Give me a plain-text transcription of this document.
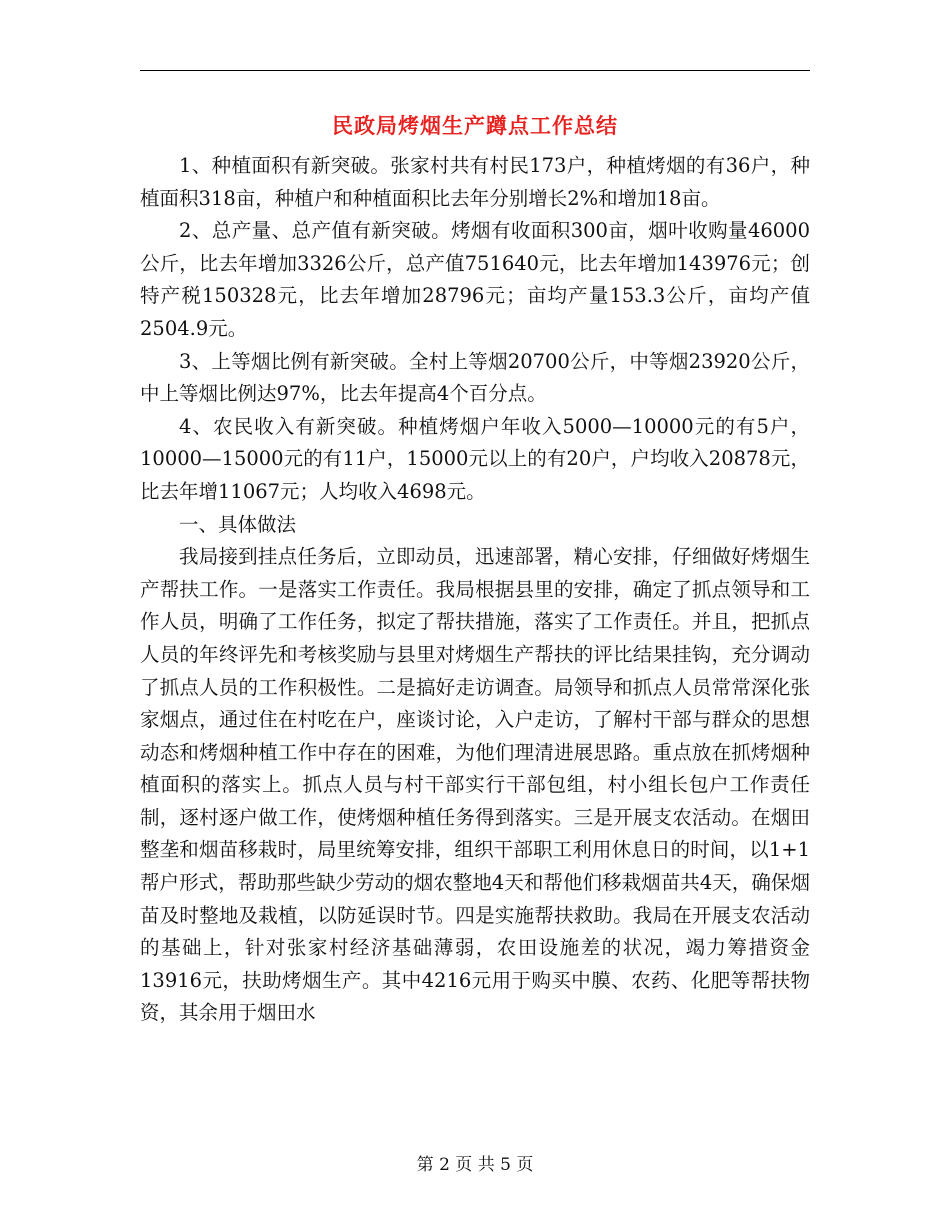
民政局烤烟生产蹲点工作总结

1、种植面积有新突破。张家村共有村民173户，种植烤烟的有36户，种植面积318亩，种植户和种植面积比去年分别增长2%和增加18亩。

2、总产量、总产值有新突破。烤烟有收面积300亩，烟叶收购量46000公斤，比去年增加3326公斤，总产值751640元，比去年增加143976元；创特产税150328元，比去年增加28796元；亩均产量153.3公斤，亩均产值2504.9元。

3、上等烟比例有新突破。全村上等烟20700公斤，中等烟23920公斤，中上等烟比例达97%，比去年提高4个百分点。

4、农民收入有新突破。种植烤烟户年收入5000—10000元的有5户，10000—15000元的有11户，15000元以上的有20户，户均收入20878元，比去年增11067元；人均收入4698元。

一、具体做法

我局接到挂点任务后，立即动员，迅速部署，精心安排，仔细做好烤烟生产帮扶工作。一是落实工作责任。我局根据县里的安排，确定了抓点领导和工作人员，明确了工作任务，拟定了帮扶措施，落实了工作责任。并且，把抓点人员的年终评先和考核奖励与县里对烤烟生产帮扶的评比结果挂钩，充分调动了抓点人员的工作积极性。二是搞好走访调查。局领导和抓点人员常常深化张家烟点，通过住在村吃在户，座谈讨论，入户走访，了解村干部与群众的思想动态和烤烟种植工作中存在的困难，为他们理清进展思路。重点放在抓烤烟种植面积的落实上。抓点人员与村干部实行干部包组，村小组长包户工作责任制，逐村逐户做工作，使烤烟种植任务得到落实。三是开展支农活动。在烟田整垄和烟苗移栽时，局里统筹安排，组织干部职工利用休息日的时间，以1+1帮户形式，帮助那些缺少劳动的烟农整地4天和帮他们移栽烟苗共4天，确保烟苗及时整地及栽植，以防延误时节。四是实施帮扶救助。我局在开展支农活动的基础上，针对张家村经济基础薄弱，农田设施差的状况，竭力筹措资金13916元，扶助烤烟生产。其中4216元用于购买中膜、农药、化肥等帮扶物资，其余用于烟田水

第 2 页 共 5 页
